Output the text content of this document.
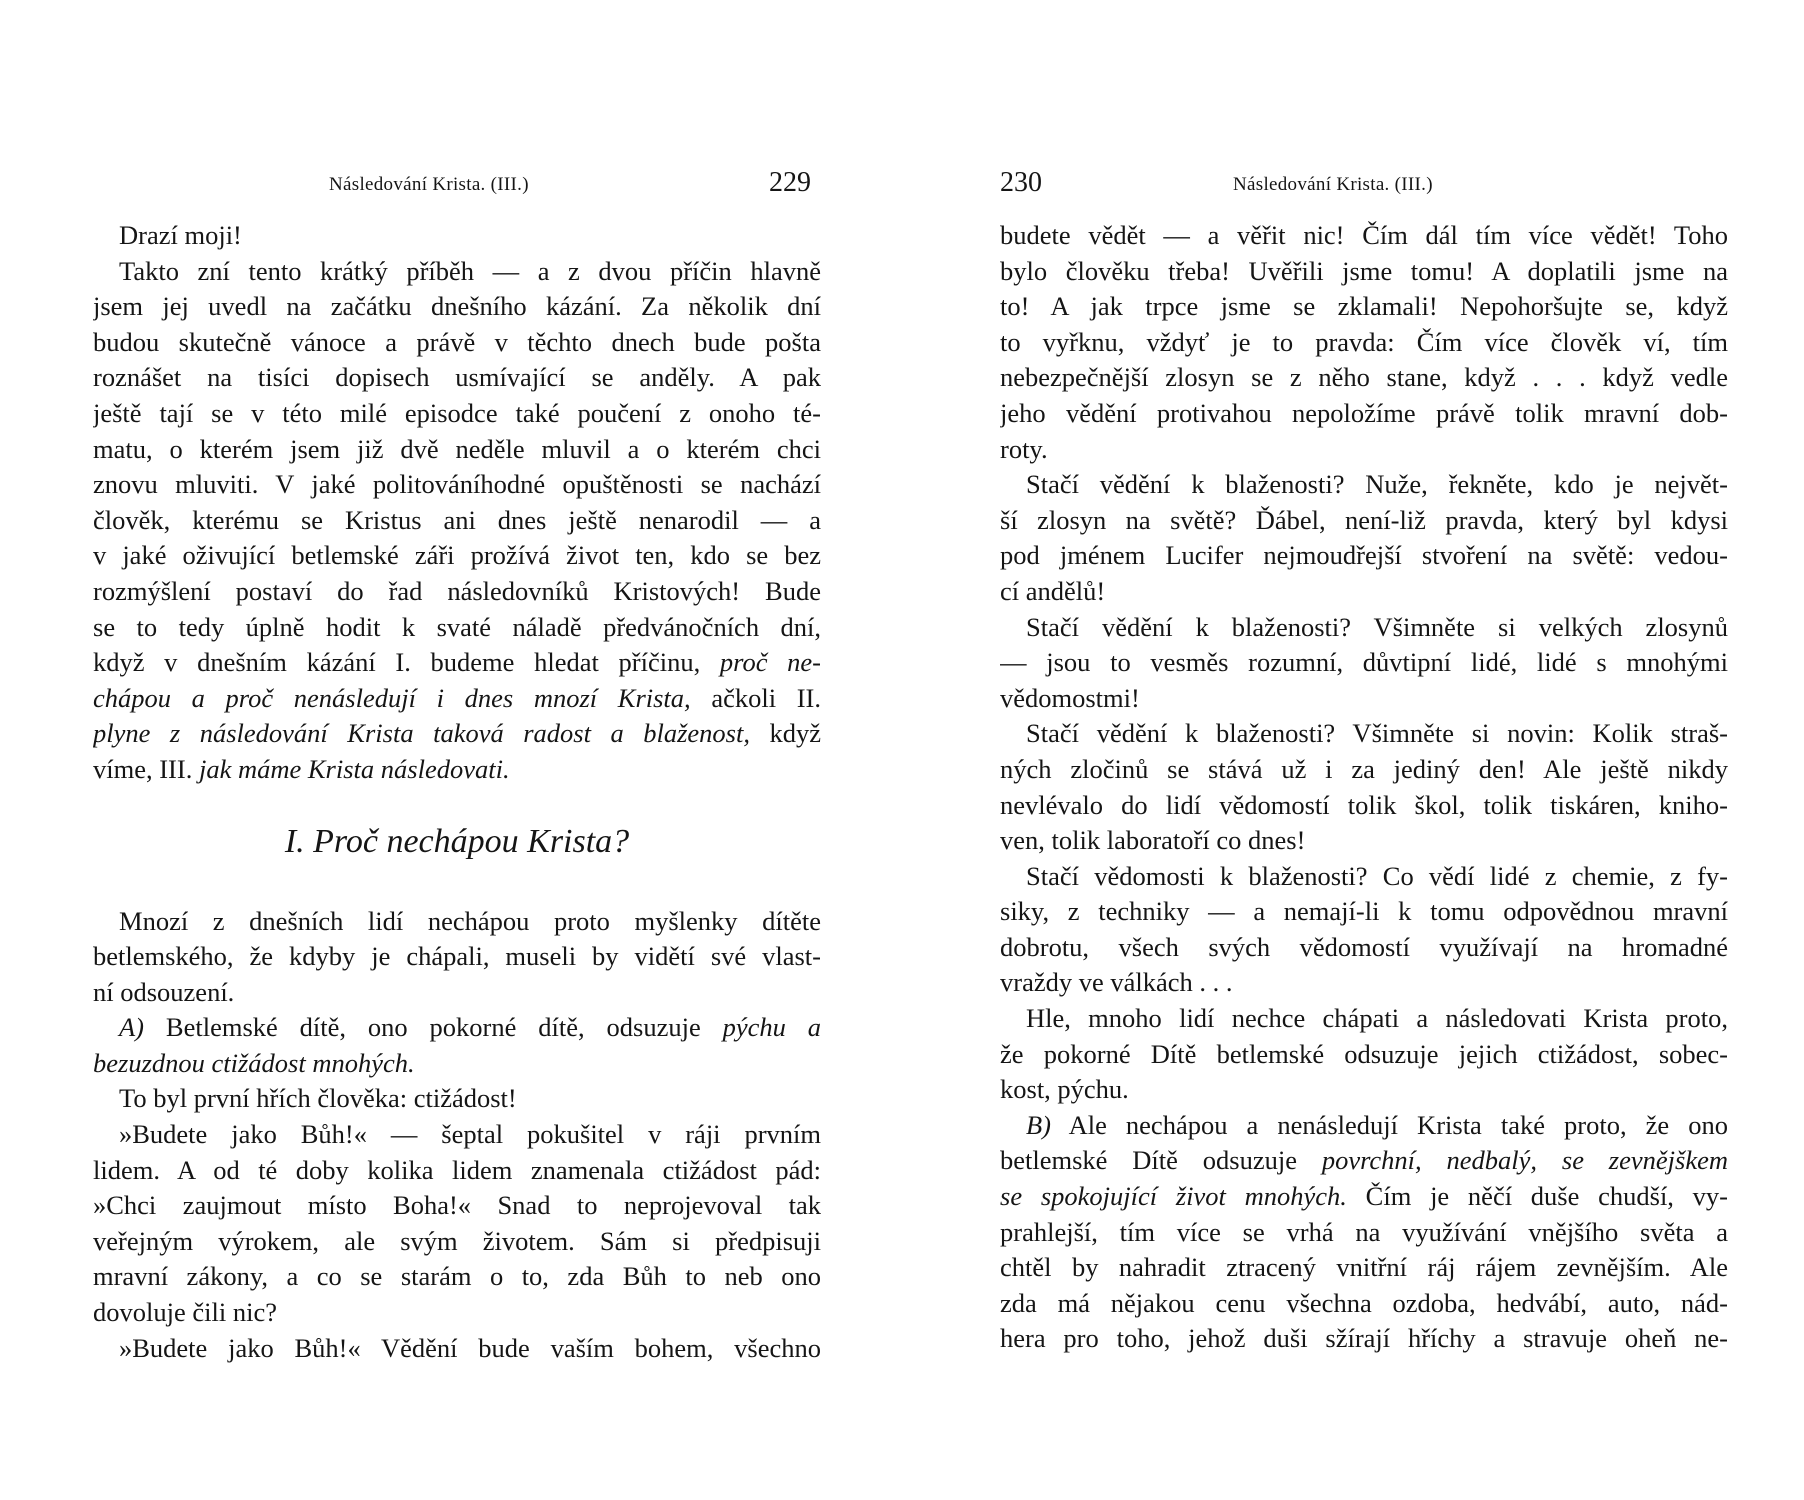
Následování Krista. (III.)	229
Drazí moji!
Takto zní tento krátký příběh — a z dvou příčin hlavně
jsem jej uvedl na začátku dnešního kázání. Za několik dní
budou skutečně vánoce a právě v těchto dnech bude pošta
roznášet na tisíci dopisech usmívající se anděly. A pak
ještě tají se v této milé episodce také poučení z onoho té-
matu, o kterém jsem již dvě neděle mluvil a o kterém chci
znovu mluviti. V jaké politováníhodné opuštěnosti se nachází
člověk, kterému se Kristus ani dnes ještě nenarodil — a
v jaké oživující betlemské záři prožívá život ten, kdo se bez
rozmýšlení postaví do řad následovníků Kristových! Bude
se to tedy úplně hodit k svaté náladě předvánočních dní,
když v dnešním kázání I. budeme hledat příčinu, proč ne-
chápou a proč nenásledují i dnes mnozí Krista, ačkoli II.
plyne z následování Krista taková radost a blaženost, když
víme, III. jak máme Krista následovati.
I. Proč nechápou Krista?
Mnozí z dnešních lidí nechápou proto myšlenky dítěte
betlemského, že kdyby je chápali, museli by vidětí své vlast-
ní odsouzení.
A) Betlemské dítě, ono pokorné dítě, odsuzuje pýchu a
bezuzdnou ctižádost mnohých.
To byl první hřích člověka: ctižádost!
»Budete jako Bůh!« — šeptal pokušitel v ráji prvním
lidem. A od té doby kolika lidem znamenala ctižádost pád:
»Chci zaujmout místo Boha!« Snad to neprojevoval tak
veřejným výrokem, ale svým životem. Sám si předpisuji
mravní zákony, a co se starám o to, zda Bůh to neb ono
dovoluje čili nic?
»Budete jako Bůh!« Vědění bude vaším bohem, všechno
230	Následování Krista. (III.)
budete vědět — a věřit nic! Čím dál tím více vědět! Toho
bylo člověku třeba! Uvěřili jsme tomu! A doplatili jsme na
to! A jak trpce jsme se zklamali! Nepohoršujte se, když
to vyřknu, vždyť je to pravda: Čím více člověk ví, tím
nebezpečnější zlosyn se z něho stane, když . . . když vedle
jeho vědění protivahou nepoložíme právě tolik mravní dob-
roty.
Stačí vědění k blaženosti? Nuže, řekněte, kdo je největ-
ší zlosyn na světě? Ďábel, není-liž pravda, který byl kdysi
pod jménem Lucifer nejmoudřejší stvoření na světě: vedou-
cí andělů!
Stačí vědění k blaženosti? Všimněte si velkých zlosynů
— jsou to vesměs rozumní, důvtipní lidé, lidé s mnohými
vědomostmi!
Stačí vědění k blaženosti? Všimněte si novin: Kolik straš-
ných zločinů se stává už i za jediný den! Ale ještě nikdy
nevlévalo do lidí vědomostí tolik škol, tolik tiskáren, kniho-
ven, tolik laboratoří co dnes!
Stačí vědomosti k blaženosti? Co vědí lidé z chemie, z fy-
siky, z techniky — a nemají-li k tomu odpovědnou mravní
dobrotu, všech svých vědomostí využívají na hromadné
vraždy ve válkách . . .
Hle, mnoho lidí nechce chápati a následovati Krista proto,
že pokorné Dítě betlemské odsuzuje jejich ctižádost, sobec-
kost, pýchu.
B) Ale nechápou a nenásledují Krista také proto, že ono
betlemské Dítě odsuzuje povrchní, nedbalý, se zevnějškem
se spokojující život mnohých. Čím je něčí duše chudší, vy-
prahlejší, tím více se vrhá na využívání vnějšího světa a
chtěl by nahradit ztracený vnitřní ráj rájem zevnějším. Ale
zda má nějakou cenu všechna ozdoba, hedvábí, auto, nád-
hera pro toho, jehož duši sžírají hříchy a stravuje oheň ne-
